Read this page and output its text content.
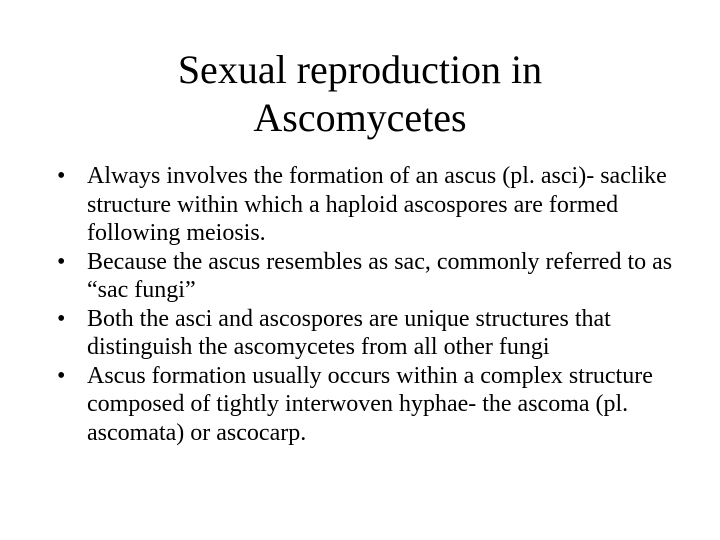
Sexual reproduction in
Ascomycetes
• Always involves the formation of an ascus (pl. asci)- saclike structure within which a haploid ascospores are formed following meiosis.
• Because the ascus resembles as sac, commonly referred to as “sac fungi”
• Both the asci and ascospores are unique structures that distinguish the ascomycetes from all other fungi
• Ascus formation usually occurs within a complex structure composed of tightly interwoven hyphae- the ascoma (pl. ascomata) or ascocarp.
